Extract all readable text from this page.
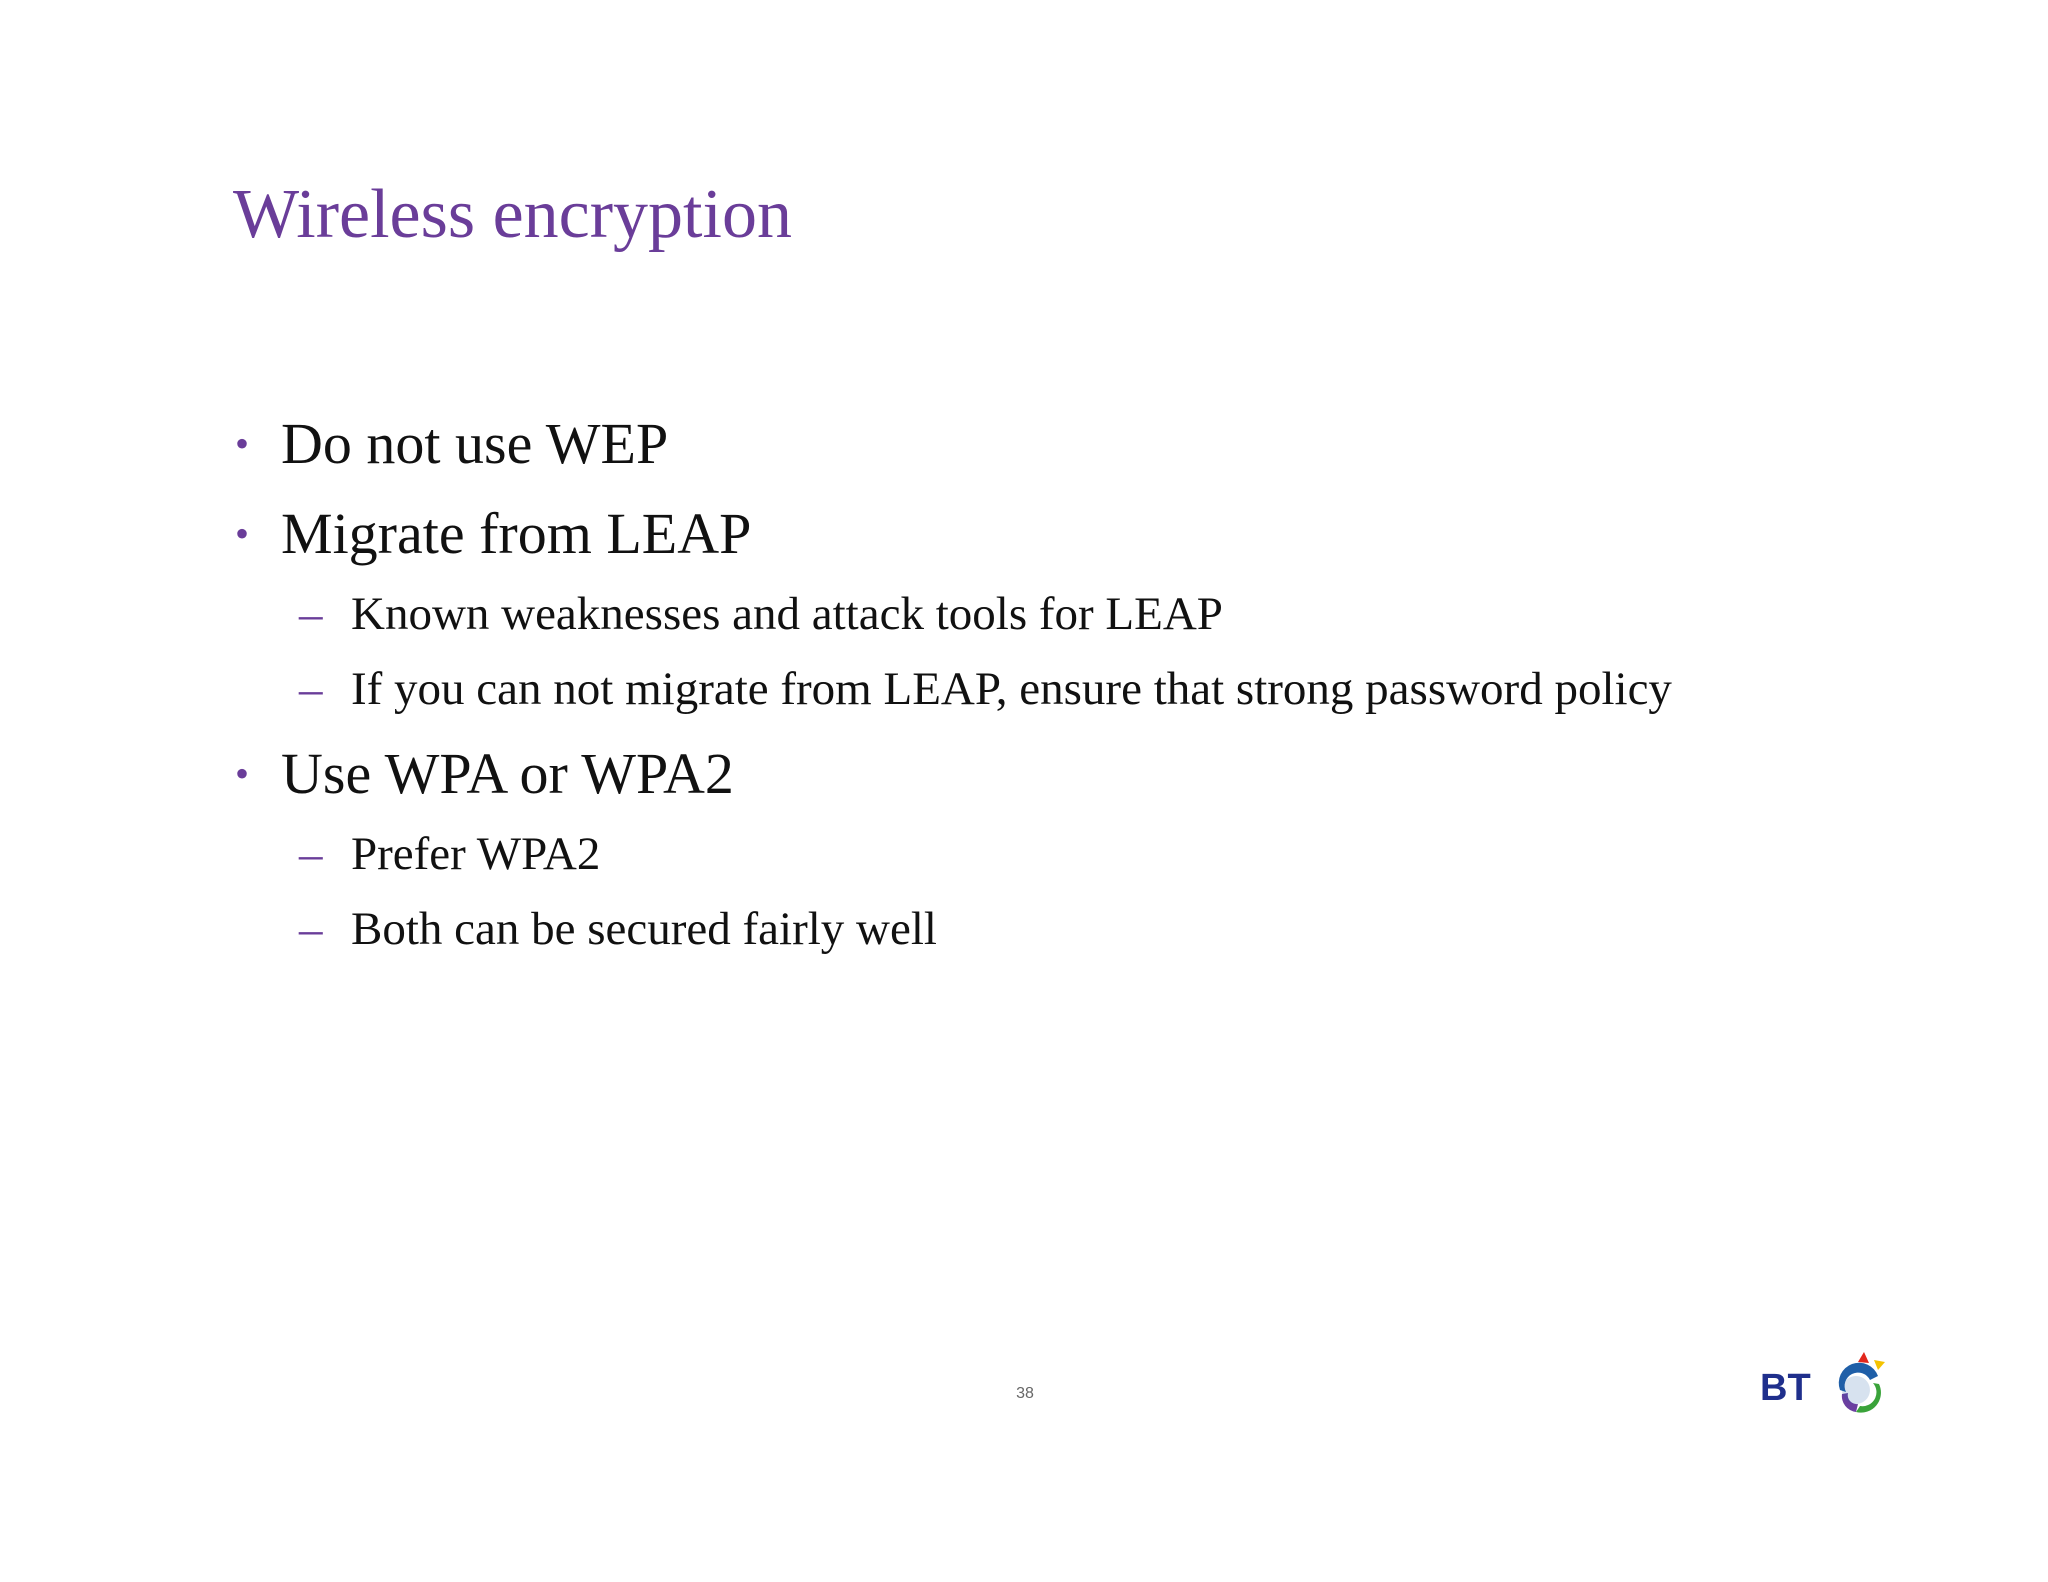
Wireless encryption
• Do not use WEP
• Migrate from LEAP
– Known weaknesses and attack tools for LEAP
– If you can not migrate from LEAP, ensure that strong password policy
• Use WPA or WPA2
– Prefer WPA2
– Both can be secured fairly well
38	BT
